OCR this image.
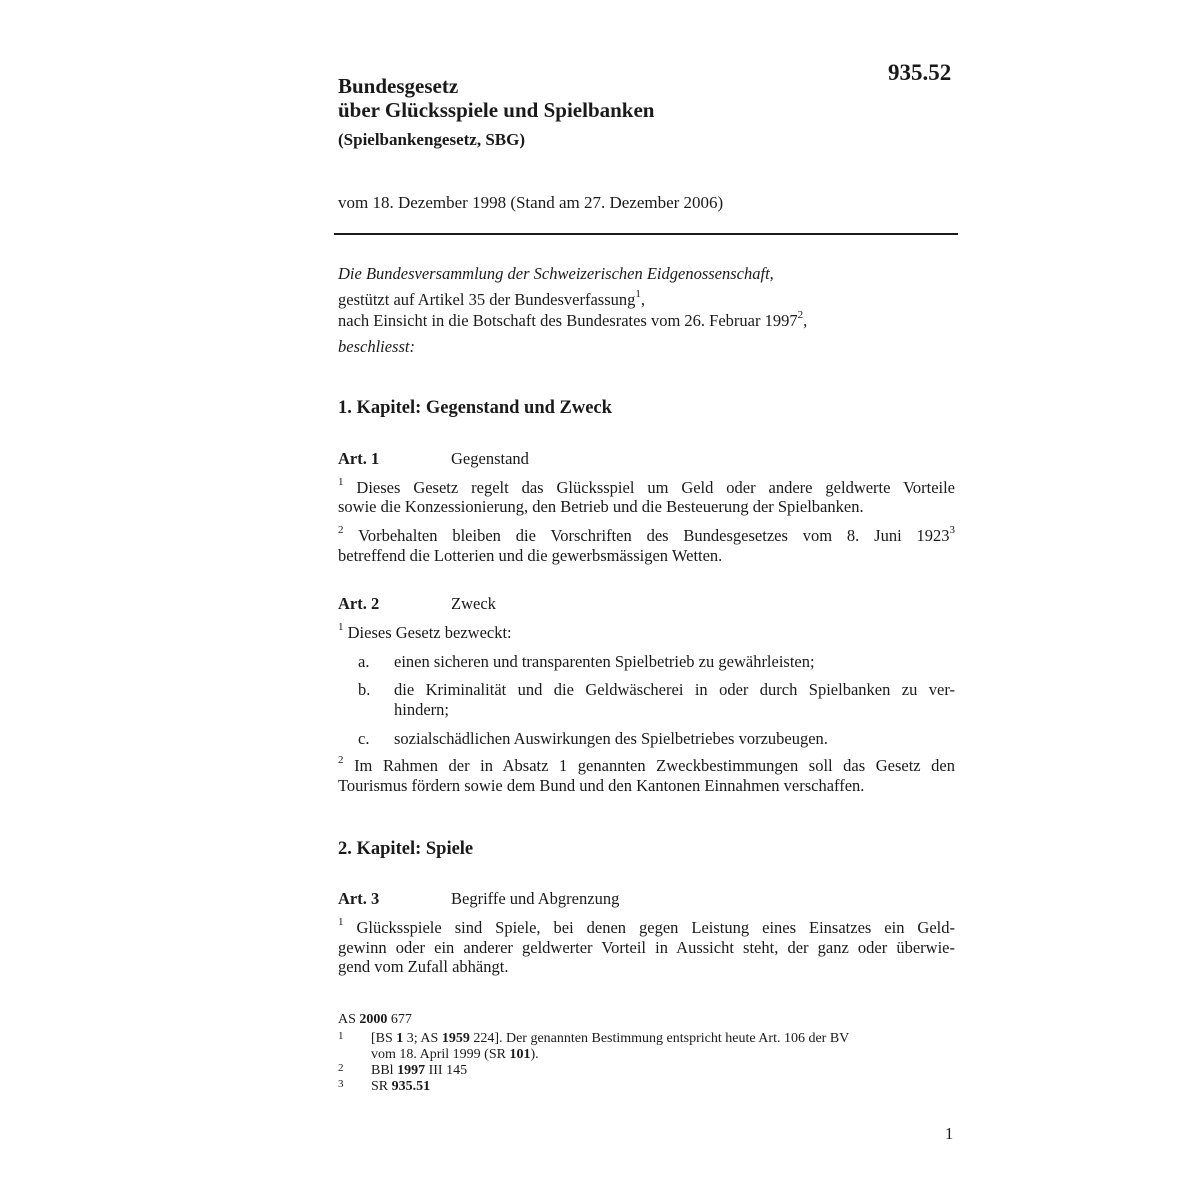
935.52
Bundesgesetz
über Glücksspiele und Spielbanken
(Spielbankengesetz, SBG)
vom 18. Dezember 1998 (Stand am 27. Dezember 2006)
Die Bundesversammlung der Schweizerischen Eidgenossenschaft,
gestützt auf Artikel 35 der Bundesverfassung$^1$,
nach Einsicht in die Botschaft des Bundesrates vom 26. Februar 1997$^2$,
beschliesst:
1. Kapitel: Gegenstand und Zweck
Art. 1	Gegenstand
$^1$ Dieses Gesetz regelt das Glücksspiel um Geld oder andere geldwerte Vorteile
sowie die Konzessionierung, den Betrieb und die Besteuerung der Spielbanken.
$^2$ Vorbehalten bleiben die Vorschriften des Bundesgesetzes vom 8. Juni 1923$^3$
betreffend die Lotterien und die gewerbsmässigen Wetten.
Art. 2	Zweck
$^1$ Dieses Gesetz bezweckt:
a. einen sicheren und transparenten Spielbetrieb zu gewährleisten;
b. die Kriminalität und die Geldwäscherei in oder durch Spielbanken zu ver-
hindern;
c. sozialschädlichen Auswirkungen des Spielbetriebes vorzubeugen.
$^2$ Im Rahmen der in Absatz 1 genannten Zweckbestimmungen soll das Gesetz den
Tourismus fördern sowie dem Bund und den Kantonen Einnahmen verschaffen.
2. Kapitel: Spiele
Art. 3	Begriffe und Abgrenzung
$^1$ Glücksspiele sind Spiele, bei denen gegen Leistung eines Einsatzes ein Geld-
gewinn oder ein anderer geldwerter Vorteil in Aussicht steht, der ganz oder überwie-
gend vom Zufall abhängt.
AS 2000 677
1 [BS 1 3; AS 1959 224]. Der genannten Bestimmung entspricht heute Art. 106 der BV
vom 18. April 1999 (SR 101).
2 BBl 1997 III 145
3 SR 935.51
1
